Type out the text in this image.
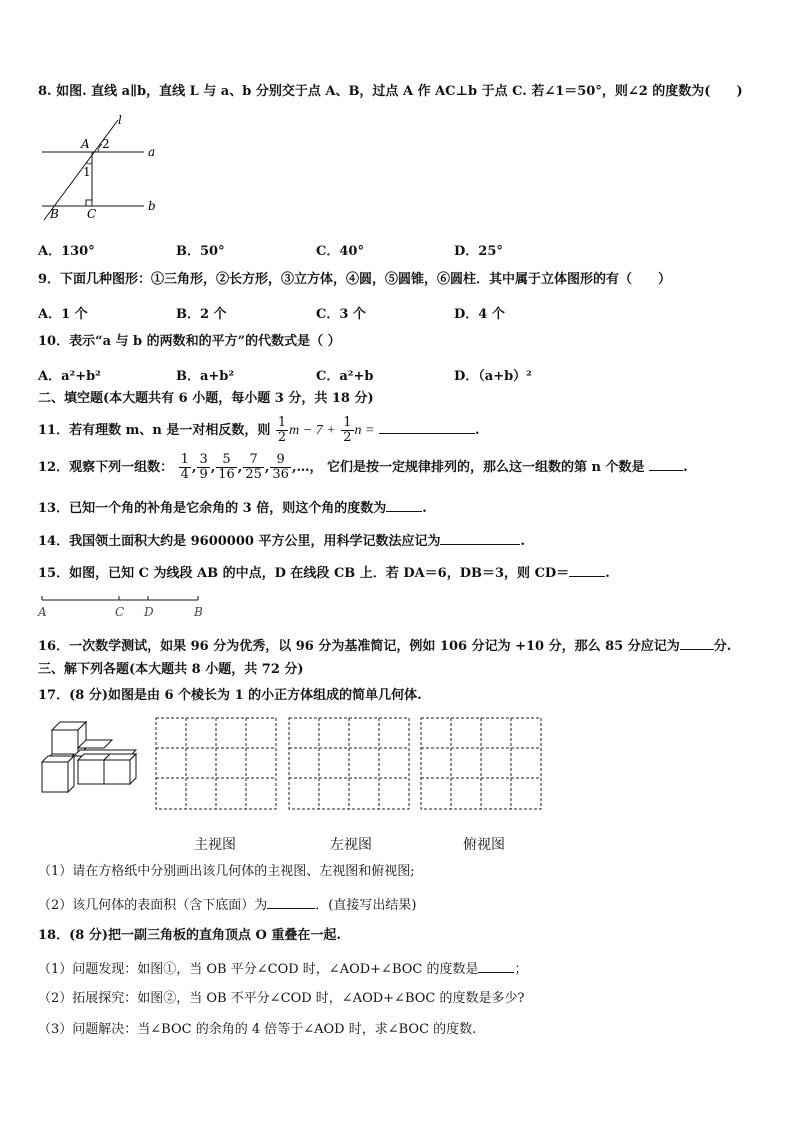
8. 如图. 直线 a∥b，直线 L 与 a、b 分别交于点 A、B，过点 A 作 AC⊥b 于点 C. 若∠1＝50°，则∠2 的度数为(　　)
l
a
b
A 2
1
B C
A．130°	B．50°	C．40°	D．25°
9．下面几种图形：①三角形，②长方形，③立方体，④圆，⑤圆锥，⑥圆柱．其中属于立体图形的有（　　）
A．1 个	B．2 个	C．3 个	D．4 个
10．表示“a 与 b 的两数和的平方”的代数式是（ ）
A．a²+b²	B．a+b²	C．a²+b	D．（a+b）²
二、填空题(本大题共有 6 小题，每小题 3 分，共 18 分)
11．若有理数 m、n 是一对相反数，则 $\frac{1}{2}$ $m - 7 + \frac{1}{2}$ n =	.
12．观察下列一组数： $\frac{1}{4}$ , $\frac{3}{9}$ , $\frac{5}{16}$ , $\frac{7}{25}$ , $\frac{9}{36}$ ,…， 它们是按一定规律排列的，那么这一组数的第 n 个数是	.
13．已知一个角的补角是它余角的 3 倍，则这个角的度数为	.
14．我国领土面积大约是 9600000 平方公里，用科学记数法应记为	.
15．如图，已知 C 为线段 AB 的中点，D 在线段 CB 上．若 DA＝6，DB＝3，则 CD＝	.
A	C D	B
16．一次数学测试，如果 96 分为优秀，以 96 分为基准简记，例如 106 分记为 +10 分，那么 85 分应记为	分.
三、解下列各题(本大题共 8 小题，共 72 分)
17．(8 分)如图是由 6 个棱长为 1 的小正方体组成的简单几何体.
主视图	左视图	俯视图
（1）请在方格纸中分别画出该几何体的主视图、左视图和俯视图;
（2）该几何体的表面积（含下底面）为	．(直接写出结果)
18．(8 分)把一副三角板的直角顶点 O 重叠在一起.
（1）问题发现：如图①，当 OB 平分∠COD 时，∠AOD+∠BOC 的度数是	；
（2）拓展探究：如图②，当 OB 不平分∠COD 时，∠AOD+∠BOC 的度数是多少?
（3）问题解决：当∠BOC 的余角的 4 倍等于∠AOD 时，求∠BOC 的度数.
